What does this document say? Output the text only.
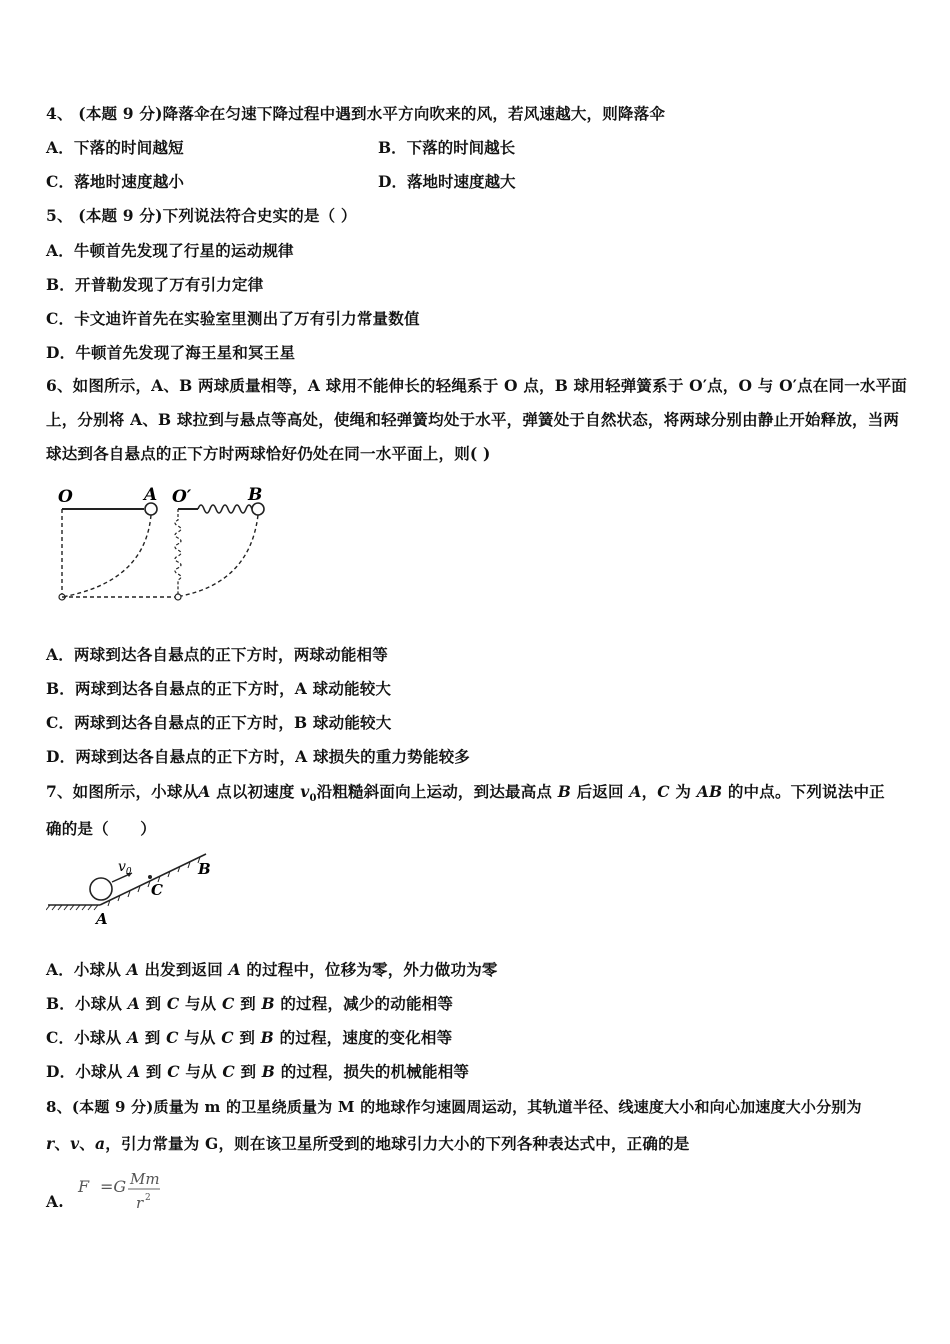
4、 (本题 9 分)降落伞在匀速下降过程中遇到水平方向吹来的风，若风速越大，则降落伞
A．下落的时间越短	B．下落的时间越长
C．落地时速度越小	D．落地时速度越大
5、 (本题 9 分)下列说法符合史实的是（ ）
A．牛顿首先发现了行星的运动规律
B．开普勒发现了万有引力定律
C．卡文迪许首先在实验室里测出了万有引力常量数值
D．牛顿首先发现了海王星和冥王星
6、如图所示，A、B 两球质量相等，A 球用不能伸长的轻绳系于 O 点，B 球用轻弹簧系于 O′点，O 与 O′点在同一水平面上，分别将 A、B 球拉到与悬点等高处，使绳和轻弹簧均处于水平，弹簧处于自然状态，将两球分别由静止开始释放，当两球达到各自悬点的正下方时两球恰好仍处在同一水平面上，则( )
O	A O′	B
A．两球到达各自悬点的正下方时，两球动能相等
B．两球到达各自悬点的正下方时，A 球动能较大
C．两球到达各自悬点的正下方时，B 球动能较大
D．两球到达各自悬点的正下方时，A 球损失的重力势能较多
7、如图所示，小球从A 点以初速度 $v_0$沿粗糙斜面向上运动，到达最高点 B 后返回 A，C 为 AB 的中点。下列说法中正
确的是（　　）
$v_0$
C
B
A
A．小球从 A 出发到返回 A 的过程中，位移为零，外力做功为零
B．小球从 A 到 C 与从 C 到 B 的过程，减少的动能相等
C．小球从 A 到 C 与从 C 到 B 的过程，速度的变化相等
D．小球从 A 到 C 与从 C 到 B 的过程，损失的机械能相等
8、(本题 9 分)质量为 m 的卫星绕质量为 M 的地球作匀速圆周运动，其轨道半径、线速度大小和向心加速度大小分别为
r、v、a，引力常量为 G，则在该卫星所受到的地球引力大小的下列各种表达式中，正确的是
A.
F =G Mm
r 2
